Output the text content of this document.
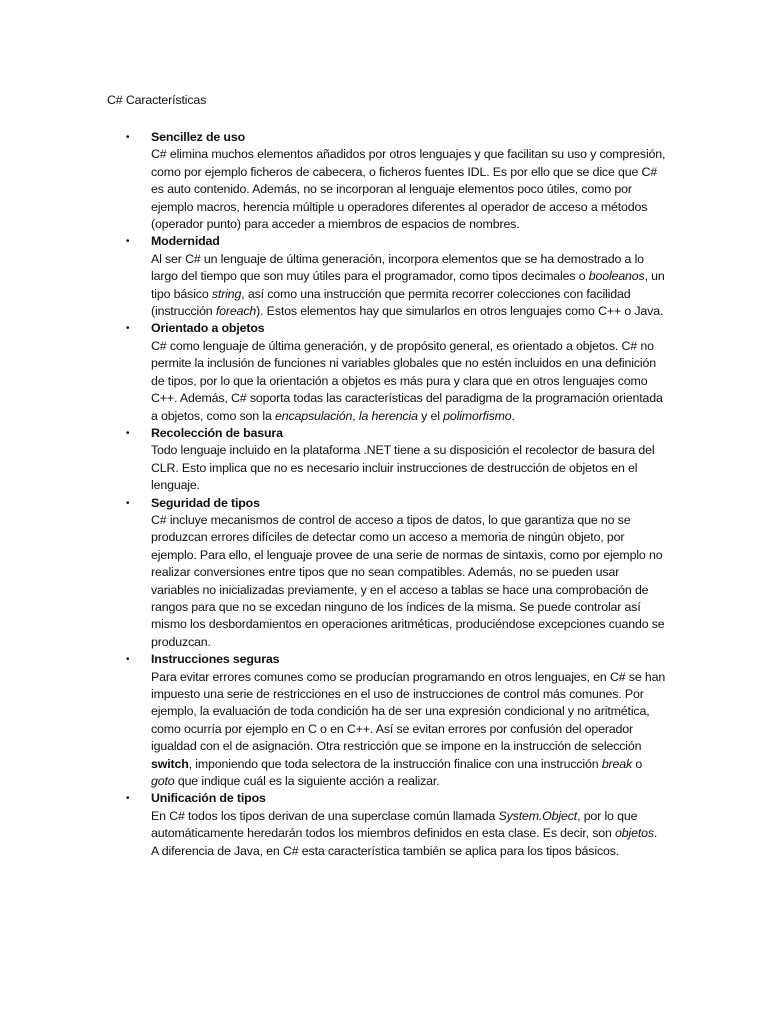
C# Características
• Sencillez de uso
C# elimina muchos elementos añadidos por otros lenguajes y que facilitan su uso y compresión, como por ejemplo ficheros de cabecera, o ficheros fuentes IDL. Es por ello que se dice que C# es auto contenido. Además, no se incorporan al lenguaje elementos poco útiles, como por ejemplo macros, herencia múltiple u operadores diferentes al operador de acceso a métodos (operador punto) para acceder a miembros de espacios de nombres.
• Modernidad
Al ser C# un lenguaje de última generación, incorpora elementos que se ha demostrado a lo largo del tiempo que son muy útiles para el programador, como tipos decimales o booleanos, un tipo básico string, así como una instrucción que permita recorrer colecciones con facilidad (instrucción foreach). Estos elementos hay que simularlos en otros lenguajes como C++ o Java.
• Orientado a objetos
C# como lenguaje de última generación, y de propósito general, es orientado a objetos. C# no permite la inclusión de funciones ni variables globales que no estén incluidos en una definición de tipos, por lo que la orientación a objetos es más pura y clara que en otros lenguajes como C++. Además, C# soporta todas las características del paradigma de la programación orientada a objetos, como son la encapsulación, la herencia y el polimorfismo.
• Recolección de basura
Todo lenguaje incluido en la plataforma .NET tiene a su disposición el recolector de basura del CLR. Esto implica que no es necesario incluir instrucciones de destrucción de objetos en el lenguaje.
• Seguridad de tipos
C# incluye mecanismos de control de acceso a tipos de datos, lo que garantiza que no se produzcan errores difíciles de detectar como un acceso a memoria de ningún objeto, por ejemplo. Para ello, el lenguaje provee de una serie de normas de sintaxis, como por ejemplo no realizar conversiones entre tipos que no sean compatibles. Además, no se pueden usar variables no inicializadas previamente, y en el acceso a tablas se hace una comprobación de rangos para que no se excedan ninguno de los índices de la misma. Se puede controlar así mismo los desbordamientos en operaciones aritméticas, produciéndose excepciones cuando se produzcan.
• Instrucciones seguras
Para evitar errores comunes como se producían programando en otros lenguajes, en C# se han impuesto una serie de restricciones en el uso de instrucciones de control más comunes. Por ejemplo, la evaluación de toda condición ha de ser una expresión condicional y no aritmética, como ocurría por ejemplo en C o en C++. Así se evitan errores por confusión del operador igualdad con el de asignación. Otra restricción que se impone en la instrucción de selección switch, imponiendo que toda selectora de la instrucción finalice con una instrucción break o goto que indique cuál es la siguiente acción a realizar.
• Unificación de tipos
En C# todos los tipos derivan de una superclase común llamada System.Object, por lo que automáticamente heredarán todos los miembros definidos en esta clase. Es decir, son objetos. A diferencia de Java, en C# esta característica también se aplica para los tipos básicos.
